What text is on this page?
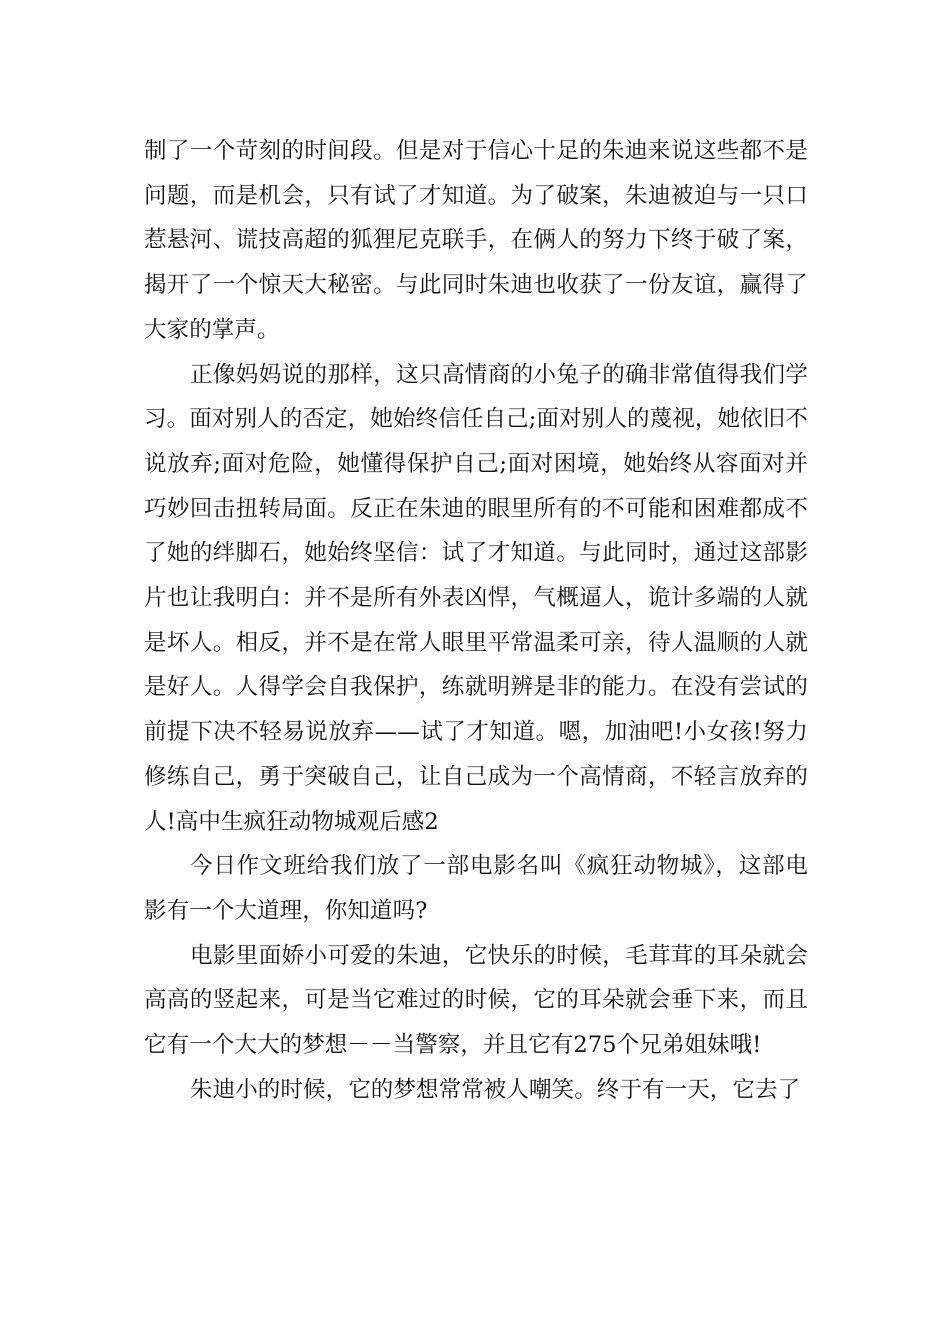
制了一个苛刻的时间段。但是对于信心十足的朱迪来说这些都不是问题，而是机会，只有试了才知道。为了破案，朱迪被迫与一只口惹悬河、谎技高超的狐狸尼克联手，在俩人的努力下终于破了案，揭开了一个惊天大秘密。与此同时朱迪也收获了一份友谊，赢得了大家的掌声。

正像妈妈说的那样，这只高情商的小兔子的确非常值得我们学习。面对别人的否定，她始终信任自己;面对别人的蔑视，她依旧不说放弃;面对危险，她懂得保护自己;面对困境，她始终从容面对并巧妙回击扭转局面。反正在朱迪的眼里所有的不可能和困难都成不了她的绊脚石，她始终坚信：试了才知道。与此同时，通过这部影片也让我明白：并不是所有外表凶悍，气概逼人，诡计多端的人就是坏人。相反，并不是在常人眼里平常温柔可亲，待人温顺的人就是好人。人得学会自我保护，练就明辨是非的能力。在没有尝试的前提下决不轻易说放弃——试了才知道。嗯，加油吧!小女孩!努力修练自己，勇于突破自己，让自己成为一个高情商，不轻言放弃的人!高中生疯狂动物城观后感2

今日作文班给我们放了一部电影名叫《疯狂动物城》，这部电影有一个大道理，你知道吗?

电影里面娇小可爱的朱迪，它快乐的时候，毛茸茸的耳朵就会高高的竖起来，可是当它难过的时候，它的耳朵就会垂下来，而且它有一个大大的梦想－－当警察，并且它有275个兄弟姐妹哦!

朱迪小的时候，它的梦想常常被人嘲笑。终于有一天，它去了
